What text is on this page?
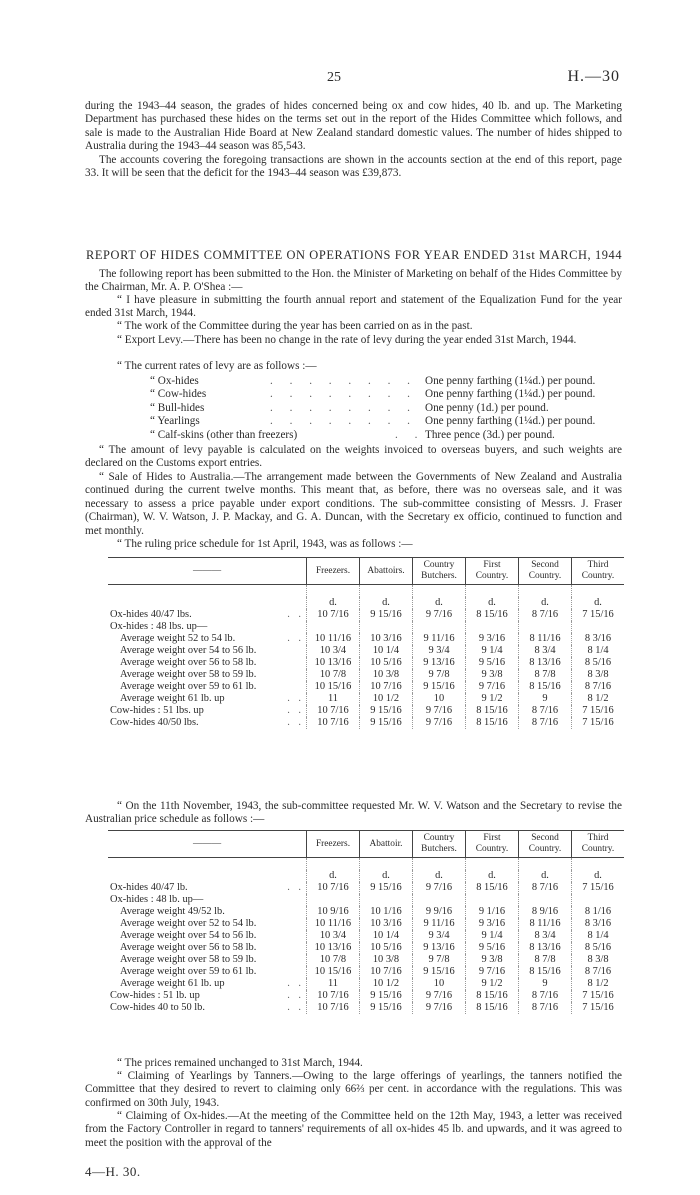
25	H.—30
during the 1943–44 season, the grades of hides concerned being ox and cow hides, 40 lb. and up. The Marketing Department has purchased these hides on the terms set out in the report of the Hides Committee which follows, and sale is made to the Australian Hide Board at New Zealand standard domestic values. The number of hides shipped to Australia during the 1943–44 season was 85,543.
The accounts covering the foregoing transactions are shown in the accounts section at the end of this report, page 33. It will be seen that the deficit for the 1943–44 season was £39,873.
REPORT OF HIDES COMMITTEE ON OPERATIONS FOR YEAR ENDED 31st MARCH, 1944
The following report has been submitted to the Hon. the Minister of Marketing on behalf of the Hides Committee by the Chairman, Mr. A. P. O'Shea :—
“ I have pleasure in submitting the fourth annual report and statement of the Equalization Fund for the year ended 31st March, 1944.
“ The work of the Committee during the year has been carried on as in the past.
“ Export Levy.—There has been no change in the rate of levy during the year ended 31st March, 1944.
“ The current rates of levy are as follows :—
“ Ox-hides	. . . . . . . . One penny farthing (1¼d.) per pound.
“ Cow-hides	. . . . . . . . One penny farthing (1¼d.) per pound.
“ Bull-hides	. . . . . . . . One penny (1d.) per pound.
“ Yearlings	. . . . . . . . One penny farthing (1¼d.) per pound.
“ Calf-skins (other than freezers)	. . Three pence (3d.) per pound.
“ The amount of levy payable is calculated on the weights invoiced to overseas buyers, and such weights are declared on the Customs export entries.
“ Sale of Hides to Australia.—The arrangement made between the Governments of New Zealand and Australia continued during the current twelve months. This meant that, as before, there was no overseas sale, and it was necessary to assess a price payable under export conditions. The sub-committee consisting of Messrs. J. Fraser (Chairman), W. V. Watson, J. P. Mackay, and G. A. Duncan, with the Secretary ex officio, continued to function and met monthly.
“ The ruling price schedule for 1st April, 1943, was as follows :—
———	Freezers.	Abattoirs.	Country Butchers.	First Country.	Second Country.	Third Country.

	d.	d.	d.	d.	d.	d.
Ox-hides 40/47 lbs. . .	10 7/16	9 15/16	9 7/16	8 15/16	8 7/16	7 15/16
Ox-hides : 48 lbs. up—						
Average weight 52 to 54 lb. . .	10 11/16	10 3/16	9 11/16	9 3/16	8 11/16	8 3/16
Average weight over 54 to 56 lb.	10 3/4	10 1/4	9 3/4	9 1/4	8 3/4	8 1/4
Average weight over 56 to 58 lb.	10 13/16	10 5/16	9 13/16	9 5/16	8 13/16	8 5/16
Average weight over 58 to 59 lb.	10 7/8	10 3/8	9 7/8	9 3/8	8 7/8	8 3/8
Average weight over 59 to 61 lb.	10 15/16	10 7/16	9 15/16	9 7/16	8 15/16	8 7/16
Average weight 61 lb. up . .	11	10 1/2	10	9 1/2	9	8 1/2
Cow-hides : 51 lbs. up . .	10 7/16	9 15/16	9 7/16	8 15/16	8 7/16	7 15/16
Cow-hides 40/50 lbs. . .	10 7/16	9 15/16	9 7/16	8 15/16	8 7/16	7 15/16
“ On the 11th November, 1943, the sub-committee requested Mr. W. V. Watson and the Secretary to revise the Australian price schedule as follows :—
———	Freezers.	Abattoir.	Country Butchers.	First Country.	Second Country.	Third Country.

	d.	d.	d.	d.	d.	d.
Ox-hides 40/47 lb. . .	10 7/16	9 15/16	9 7/16	8 15/16	8 7/16	7 15/16
Ox-hides : 48 lb. up—						
Average weight 49/52 lb.	10 9/16	10 1/16	9 9/16	9 1/16	8 9/16	8 1/16
Average weight over 52 to 54 lb.	10 11/16	10 3/16	9 11/16	9 3/16	8 11/16	8 3/16
Average weight over 54 to 56 lb.	10 3/4	10 1/4	9 3/4	9 1/4	8 3/4	8 1/4
Average weight over 56 to 58 lb.	10 13/16	10 5/16	9 13/16	9 5/16	8 13/16	8 5/16
Average weight over 58 to 59 lb.	10 7/8	10 3/8	9 7/8	9 3/8	8 7/8	8 3/8
Average weight over 59 to 61 lb.	10 15/16	10 7/16	9 15/16	9 7/16	8 15/16	8 7/16
Average weight 61 lb. up . .	11	10 1/2	10	9 1/2	9	8 1/2
Cow-hides : 51 lb. up . .	10 7/16	9 15/16	9 7/16	8 15/16	8 7/16	7 15/16
Cow-hides 40 to 50 lb. . .	10 7/16	9 15/16	9 7/16	8 15/16	8 7/16	7 15/16
“ The prices remained unchanged to 31st March, 1944.
“ Claiming of Yearlings by Tanners.—Owing to the large offerings of yearlings, the tanners notified the Committee that they desired to revert to claiming only 66⅔ per cent. in accordance with the regulations. This was confirmed on 30th July, 1943.
“ Claiming of Ox-hides.—At the meeting of the Committee held on the 12th May, 1943, a letter was received from the Factory Controller in regard to tanners' requirements of all ox-hides 45 lb. and upwards, and it was agreed to meet the position with the approval of the
4—H. 30.
